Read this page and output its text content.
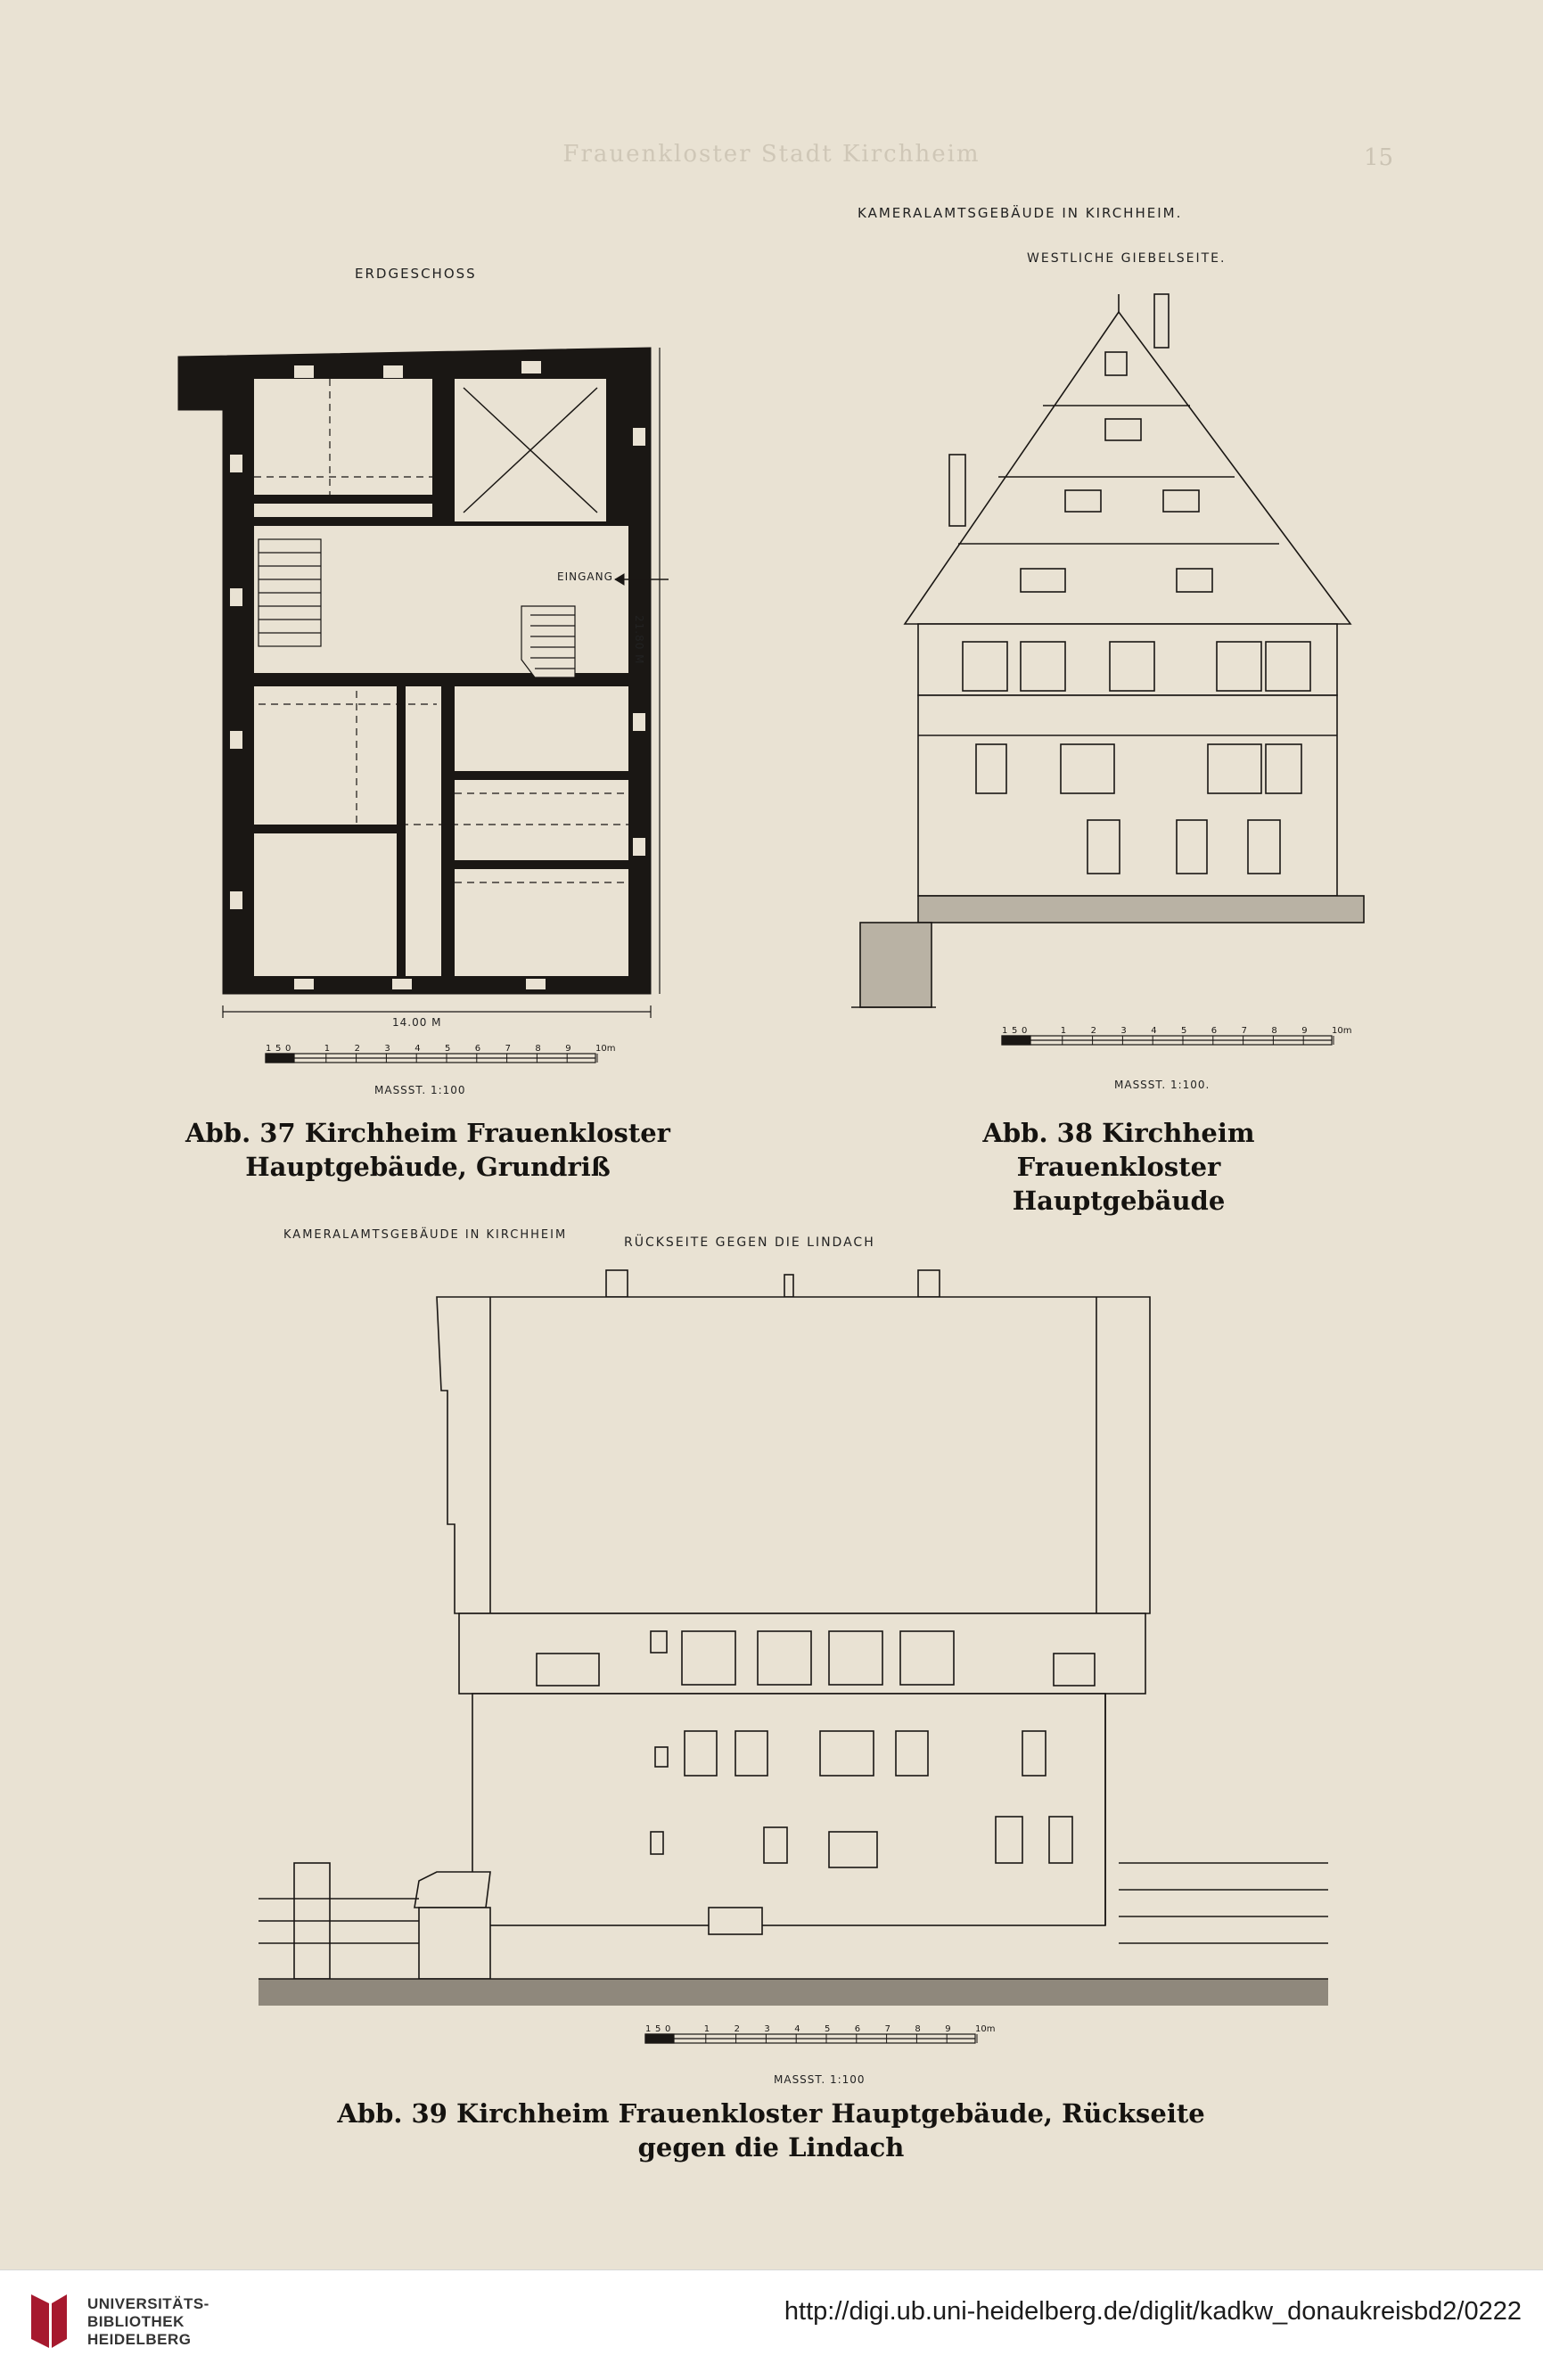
Frauenkloster Stadt Kirchheim	15
ERDGESCHOSS
EINGANG
14.00 M
21.80 M
1 5 0	1	2	3	4	5	6	7	8	9	10m
MASSST. 1:100
Abb. 37 Kirchheim Frauenkloster
Hauptgebäude, Grundriß
KAMERALAMTSGEBÄUDE IN KIRCHHEIM.
WESTLICHE GIEBELSEITE.
1 5 0	1	2	3	4	5	6	7	8	9	10m
MASSST. 1:100.
Abb. 38 Kirchheim Frauenkloster
Hauptgebäude
KAMERALAMTSGEBÄUDE IN KIRCHHEIM
RÜCKSEITE GEGEN DIE LINDACH
1 5 0	1	2	3	4	5	6	7	8	9	10m
MASSST. 1:100
Abb. 39 Kirchheim Frauenkloster Hauptgebäude, Rückseite gegen die Lindach
UNIVERSITÄTS-
BIBLIOTHEK
HEIDELBERG
http://digi.ub.uni-heidelberg.de/diglit/kadkw_donaukreisbd2/0222
